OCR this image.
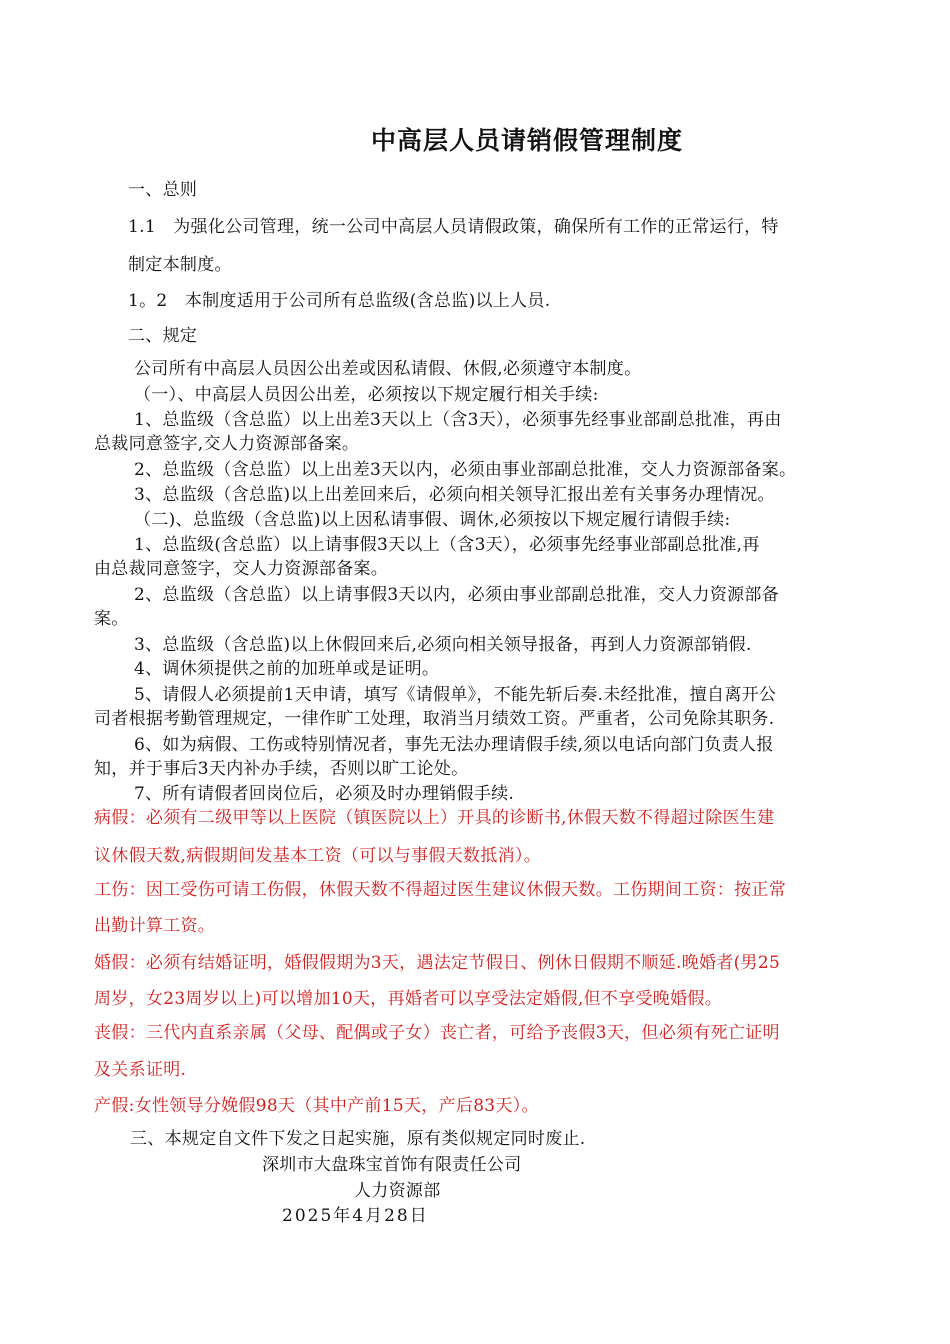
中高层人员请销假管理制度

一、总则

1.1　为强化公司管理，统一公司中高层人员请假政策，确保所有工作的正常运行，特

制定本制度。

1。2　本制度适用于公司所有总监级(含总监)以上人员.

二、规定

公司所有中高层人员因公出差或因私请假、休假,必须遵守本制度。

（一）、中高层人员因公出差，必须按以下规定履行相关手续:

1、总监级（含总监）以上出差3天以上（含3天），必须事先经事业部副总批准，再由

总裁同意签字,交人力资源部备案。

2、总监级（含总监）以上出差3天以内，必须由事业部副总批准，交人力资源部备案。

3、总监级（含总监)以上出差回来后，必须向相关领导汇报出差有关事务办理情况。

（二)、总监级（含总监)以上因私请事假、调休,必须按以下规定履行请假手续:

1、总监级(含总监）以上请事假3天以上（含3天），必须事先经事业部副总批准,再

由总裁同意签字，交人力资源部备案。

2、总监级（含总监）以上请事假3天以内，必须由事业部副总批准，交人力资源部备

案。

3、总监级（含总监)以上休假回来后,必须向相关领导报备，再到人力资源部销假.

4、调休须提供之前的加班单或是证明。

5、请假人必须提前1天申请，填写《请假单》，不能先斩后奏.未经批准，擅自离开公

司者根据考勤管理规定，一律作旷工处理，取消当月绩效工资。严重者，公司免除其职务.

6、如为病假、工伤或特别情况者，事先无法办理请假手续,须以电话向部门负责人报

知，并于事后3天内补办手续，否则以旷工论处。

7、所有请假者回岗位后，必须及时办理销假手续.

病假：必须有二级甲等以上医院（镇医院以上）开具的诊断书,休假天数不得超过除医生建

议休假天数,病假期间发基本工资（可以与事假天数抵消）。

工伤：因工受伤可请工伤假，休假天数不得超过医生建议休假天数。工伤期间工资：按正常

出勤计算工资。

婚假：必须有结婚证明，婚假假期为3天，遇法定节假日、例休日假期不顺延.晚婚者(男25

周岁，女23周岁以上)可以增加10天，再婚者可以享受法定婚假,但不享受晚婚假。

丧假：三代内直系亲属（父母、配偶或子女）丧亡者，可给予丧假3天，但必须有死亡证明

及关系证明.

产假:女性领导分娩假98天（其中产前15天，产后83天）。

三、本规定自文件下发之日起实施，原有类似规定同时废止.

深圳市大盘珠宝首饰有限责任公司

人力资源部

2025年4月28日
